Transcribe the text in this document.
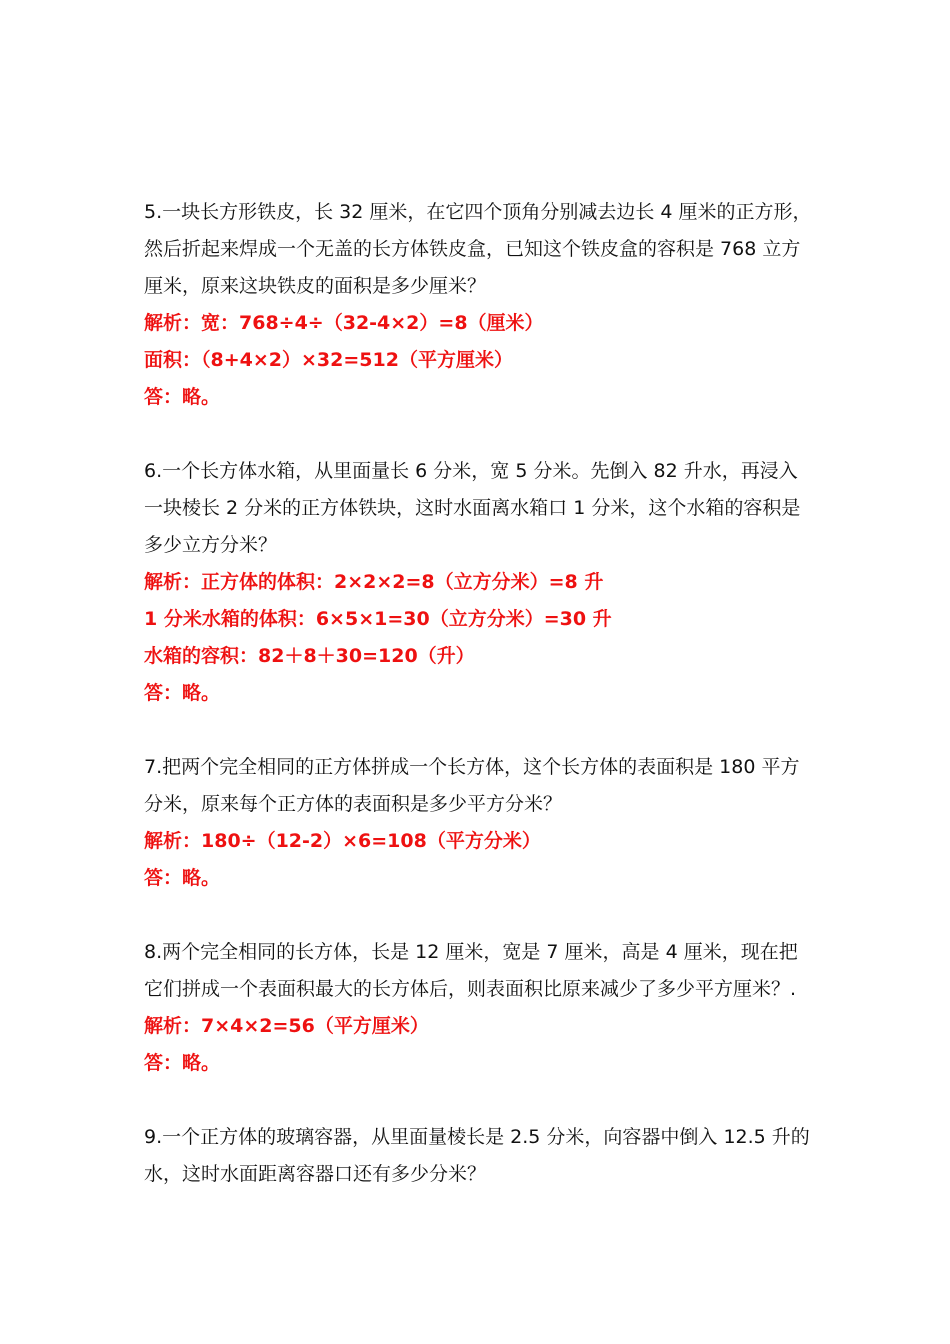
5.一块长方形铁皮，长 32 厘米，在它四个顶角分别减去边长 4 厘米的正方形，然后折起来焊成一个无盖的长方体铁皮盒，已知这个铁皮盒的容积是 768 立方厘米，原来这块铁皮的面积是多少厘米？

解析：宽：768÷4÷（32-4×2）=8（厘米）

面积：（8+4×2）×32=512（平方厘米）

答：略。

6.一个长方体水箱，从里面量长 6 分米，宽 5 分米。先倒入 82 升水，再浸入一块棱长 2 分米的正方体铁块，这时水面离水箱口 1 分米，这个水箱的容积是多少立方分米？

解析：正方体的体积：2×2×2=8（立方分米）=8 升

1 分米水箱的体积：6×5×1=30（立方分米）=30 升

水箱的容积：82＋8＋30=120（升）

答：略。

7.把两个完全相同的正方体拼成一个长方体，这个长方体的表面积是 180 平方分米，原来每个正方体的表面积是多少平方分米？

解析：180÷（12-2）×6=108（平方分米）

答：略。

8.两个完全相同的长方体，长是 12 厘米，宽是 7 厘米，高是 4 厘米，现在把它们拼成一个表面积最大的长方体后，则表面积比原来减少了多少平方厘米？.

解析：7×4×2=56（平方厘米）

答：略。

9.一个正方体的玻璃容器，从里面量棱长是 2.5 分米，向容器中倒入 12.5 升的水，这时水面距离容器口还有多少分米？
